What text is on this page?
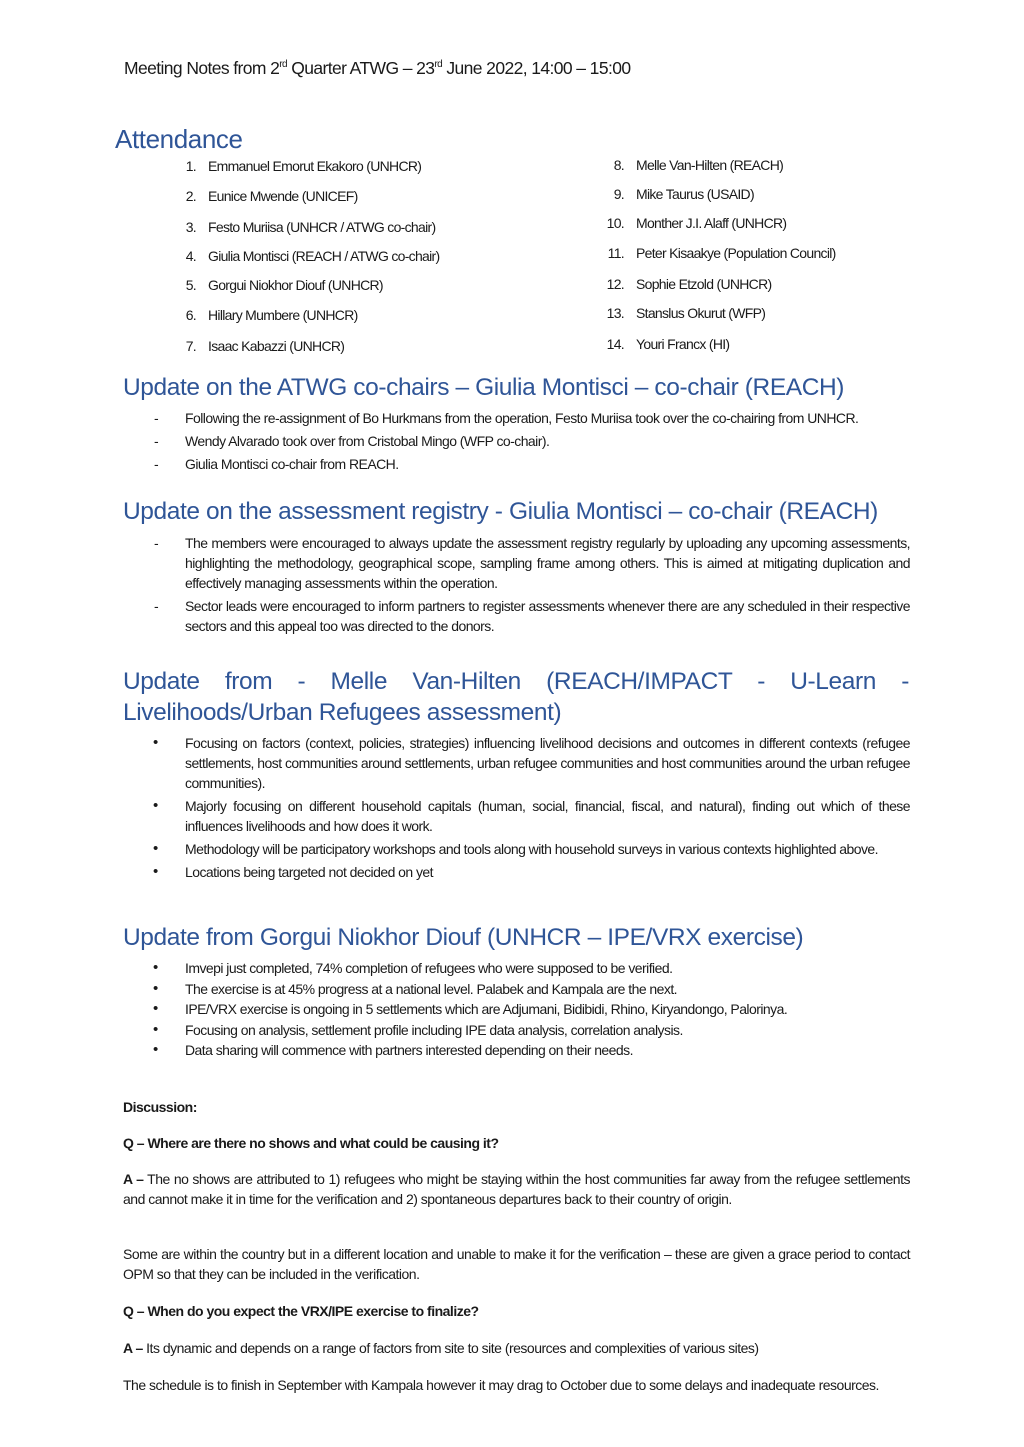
Meeting Notes from 2rd Quarter ATWG – 23rd June 2022, 14:00 – 15:00
Attendance
1. Emmanuel Emorut Ekakoro (UNHCR)
2. Eunice Mwende (UNICEF)
3. Festo Muriisa (UNHCR / ATWG co-chair)
4. Giulia Montisci (REACH / ATWG co-chair)
5. Gorgui Niokhor Diouf (UNHCR)
6. Hillary Mumbere (UNHCR)
7. Isaac Kabazzi (UNHCR)
8. Melle Van-Hilten (REACH)
9. Mike Taurus (USAID)
10. Monther J.I. Alaff (UNHCR)
11. Peter Kisaakye (Population Council)
12. Sophie Etzold (UNHCR)
13. Stanslus Okurut (WFP)
14. Youri Francx (HI)
Update on the ATWG co-chairs – Giulia Montisci – co-chair (REACH)
- Following the re-assignment of Bo Hurkmans from the operation, Festo Muriisa took over the co-chairing from UNHCR.
- Wendy Alvarado took over from Cristobal Mingo (WFP co-chair).
- Giulia Montisci co-chair from REACH.
Update on the assessment registry - Giulia Montisci – co-chair (REACH)
- The members were encouraged to always update the assessment registry regularly by uploading any upcoming assessments, highlighting the methodology, geographical scope, sampling frame among others. This is aimed at mitigating duplication and effectively managing assessments within the operation.
- Sector leads were encouraged to inform partners to register assessments whenever there are any scheduled in their respective sectors and this appeal too was directed to the donors.
Update from - Melle Van-Hilten (REACH/IMPACT - U-Learn -
Livelihoods/Urban Refugees assessment)
• Focusing on factors (context, policies, strategies) influencing livelihood decisions and outcomes in different contexts (refugee settlements, host communities around settlements, urban refugee communities and host communities around the urban refugee communities).
• Majorly focusing on different household capitals (human, social, financial, fiscal, and natural), finding out which of these influences livelihoods and how does it work.
• Methodology will be participatory workshops and tools along with household surveys in various contexts highlighted above.
• Locations being targeted not decided on yet
Update from Gorgui Niokhor Diouf (UNHCR – IPE/VRX exercise)
• Imvepi just completed, 74% completion of refugees who were supposed to be verified.
• The exercise is at 45% progress at a national level. Palabek and Kampala are the next.
• IPE/VRX exercise is ongoing in 5 settlements which are Adjumani, Bidibidi, Rhino, Kiryandongo, Palorinya.
• Focusing on analysis, settlement profile including IPE data analysis, correlation analysis.
• Data sharing will commence with partners interested depending on their needs.

Discussion:

Q – Where are there no shows and what could be causing it?

A – The no shows are attributed to 1) refugees who might be staying within the host communities far away from the refugee settlements and cannot make it in time for the verification and 2) spontaneous departures back to their country of origin.

Some are within the country but in a different location and unable to make it for the verification – these are given a grace period to contact OPM so that they can be included in the verification.

Q – When do you expect the VRX/IPE exercise to finalize?

A – Its dynamic and depends on a range of factors from site to site (resources and complexities of various sites)

The schedule is to finish in September with Kampala however it may drag to October due to some delays and inadequate resources.
